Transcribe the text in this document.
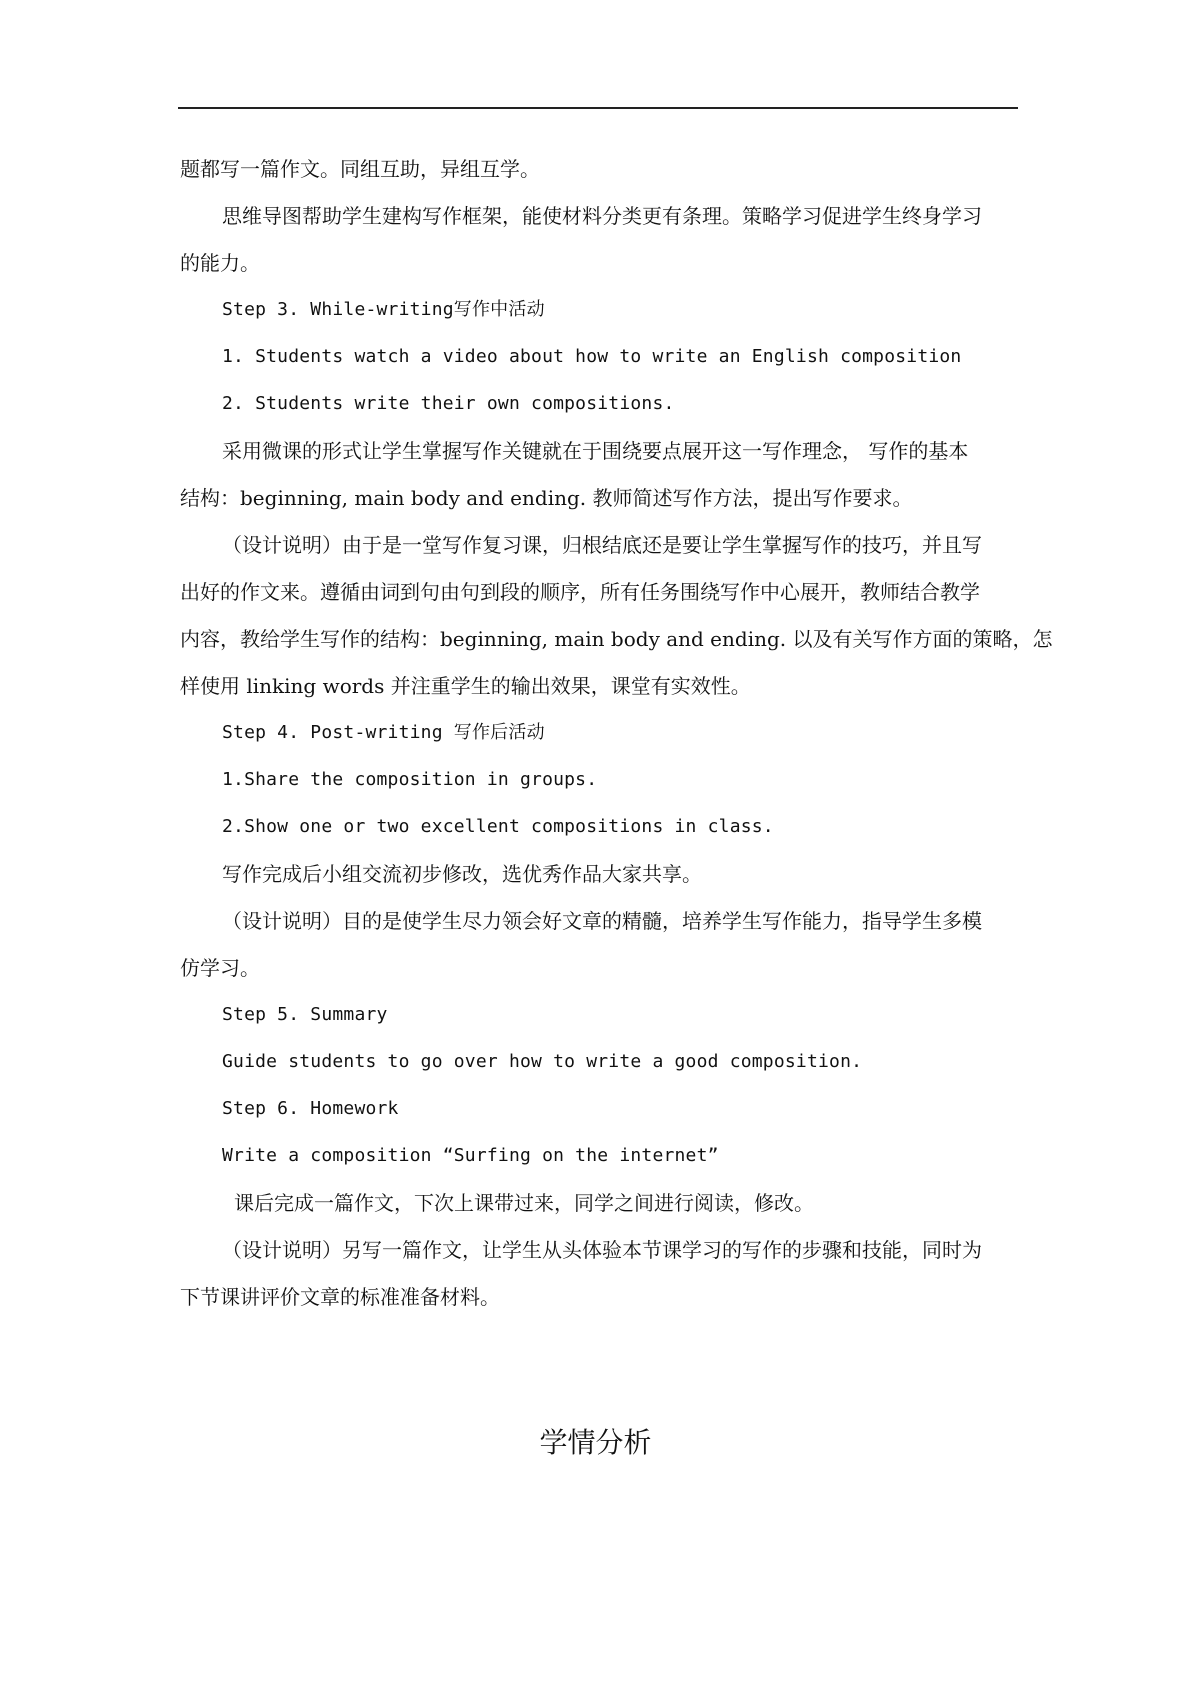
题都写一篇作文。同组互助，异组互学。
思维导图帮助学生建构写作框架，能使材料分类更有条理。策略学习促进学生终身学习
的能力。
Step 3. While-writing写作中活动
1. Students watch a video about how to write an English composition
2. Students write their own compositions.
采用微课的形式让学生掌握写作关键就在于围绕要点展开这一写作理念， 写作的基本
结构：beginning, main body and ending. 教师简述写作方法，提出写作要求。
（设计说明）由于是一堂写作复习课，归根结底还是要让学生掌握写作的技巧，并且写
出好的作文来。遵循由词到句由句到段的顺序，所有任务围绕写作中心展开，教师结合教学
内容，教给学生写作的结构：beginning, main body and ending. 以及有关写作方面的策略，怎
样使用 linking words 并注重学生的输出效果，课堂有实效性。
Step 4. Post-writing 写作后活动
1.Share the composition in groups.
2.Show one or two excellent compositions in class.
写作完成后小组交流初步修改，选优秀作品大家共享。
（设计说明）目的是使学生尽力领会好文章的精髓，培养学生写作能力，指导学生多模
仿学习。
Step 5. Summary
Guide students to go over how to write a good composition.
Step 6. Homework
Write a composition “Surfing on the internet”
课后完成一篇作文，下次上课带过来，同学之间进行阅读，修改。
（设计说明）另写一篇作文，让学生从头体验本节课学习的写作的步骤和技能，同时为
下节课讲评价文章的标准准备材料。
学情分析
